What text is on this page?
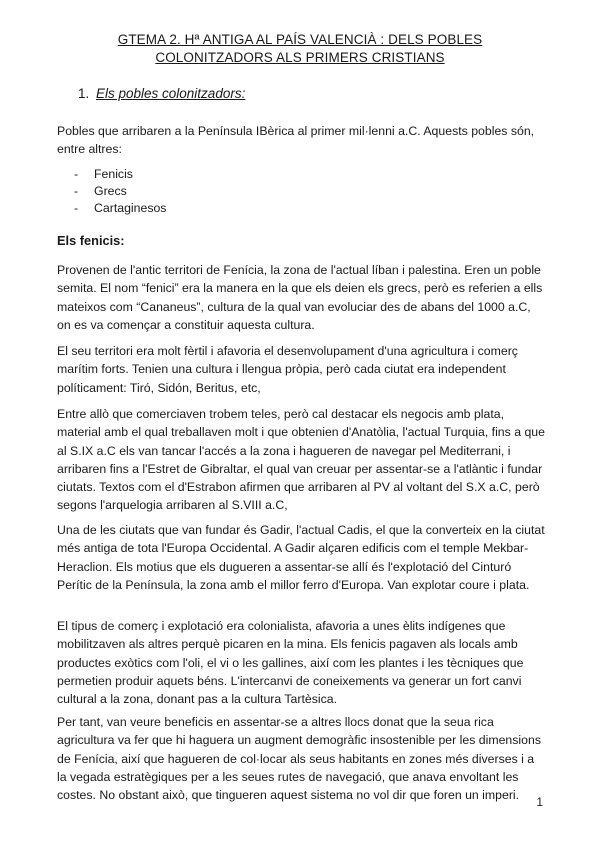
GTEMA 2. Hª ANTIGA AL PAÍS VALENCIÀ : DELS POBLES
COLONITZADORS ALS PRIMERS CRISTIANS
1. Els pobles colonitzadors:

Pobles que arribaren a la Península IBèrica al primer mil·lenni a.C. Aquests pobles són, entre altres:

- Fenicis
- Grecs
- Cartaginesos
Els fenicis:

Provenen de l'antic territori de Fenícia, la zona de l'actual líban i palestina. Eren un poble semita. El nom “fenici” era la manera en la que els deien els grecs, però es referien a ells mateixos com “Cananeus”, cultura de la qual van evoluciar des de abans del 1000 a.C, on es va començar a constituir aquesta cultura.

El seu territori era molt fèrtil i afavoria el desenvolupament d'una agricultura i comerç marítim forts. Tenien una cultura i llengua pròpia, però cada ciutat era independent políticament: Tiró, Sidón, Beritus, etc,

Entre allò que comerciaven trobem teles, però cal destacar els negocis amb plata, material amb el qual treballaven molt i que obtenien d'Anatòlia, l'actual Turquia, fins a que al S.IX a.C els van tancar l'accés a la zona i hagueren de navegar pel Mediterrani, i arribaren fins a l'Estret de Gibraltar, el qual van creuar per assentar-se a l'atlàntic i fundar ciutats. Textos com el d'Estrabon afirmen que arribaren al PV al voltant del S.X a.C, però segons l'arquelogia arribaren al S.VIII a.C,

Una de les ciutats que van fundar és Gadir, l'actual Cadis, el que la converteix en la ciutat més antiga de tota l'Europa Occidental. A Gadir alçaren edificis com el temple Mekbar-Heraclion. Els motius que els dugueren a assentar-se allí és l'explotació del Cinturó Perític de la Península, la zona amb el millor ferro d'Europa. Van explotar coure i plata.

El tipus de comerç i explotació era colonialista, afavoria a unes èlits indígenes que mobilitzaven als altres perquè picaren en la mina. Els fenicis pagaven als locals amb productes exòtics com l'oli, el vi o les gallines, així com les plantes i les tècniques que permetien produir aquets béns. L'intercanvi de coneixements va generar un fort canvi cultural a la zona, donant pas a la cultura Tartèsica.

Per tant, van veure beneficis en assentar-se a altres llocs donat que la seua rica agricultura va fer que hi haguera un augment demogràfic insostenible per les dimensions de Fenícia, així que hagueren de col·locar als seus habitants en zones més diverses i a la vegada estratègiques per a les seues rutes de navegació, que anava envoltant les costes. No obstant això, que tingueren aquest sistema no vol dir que foren un imperi.	1
